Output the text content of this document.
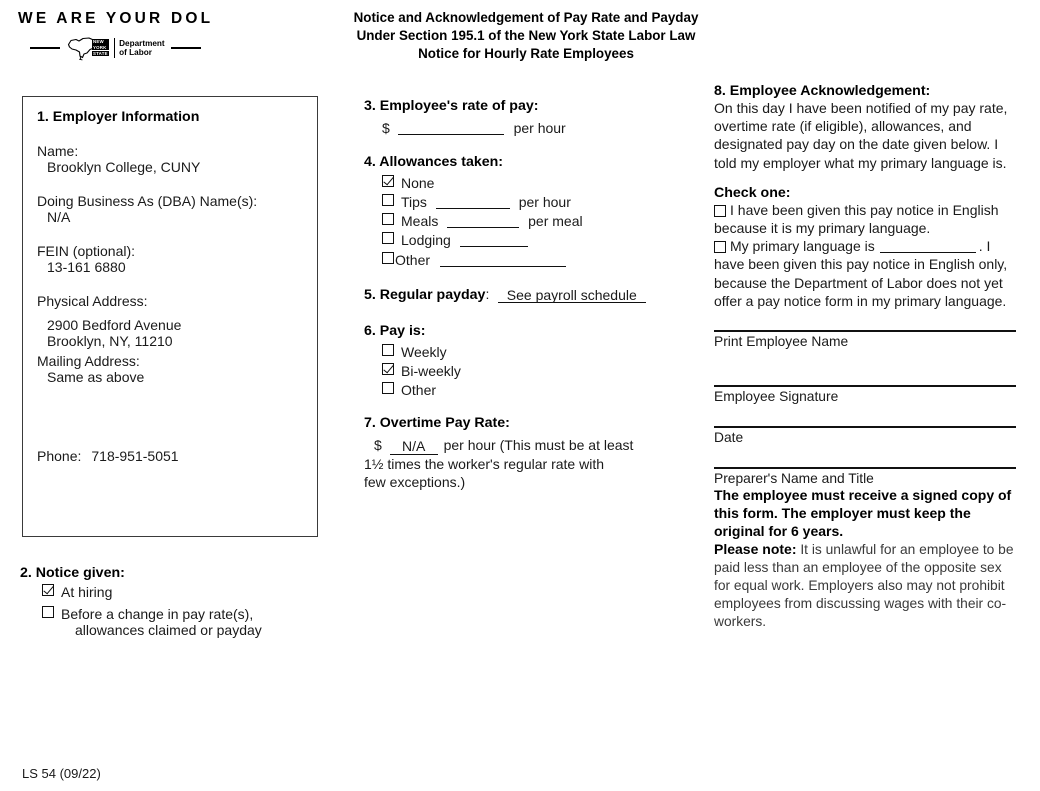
WE ARE YOUR DOL
NEW
YORK
STATE
Department
of Labor
Notice and Acknowledgement of Pay Rate and Payday
Under Section 195.1 of the New York State Labor Law
Notice for Hourly Rate Employees
1. Employer Information
Name:
Brooklyn College, CUNY
Doing Business As (DBA) Name(s):
N/A
FEIN (optional):
13-161 6880
Physical Address:
2900 Bedford Avenue
Brooklyn, NY, 11210
Mailing Address:
Same as above
Phone: 718-951-5051
2. Notice given:
At hiring
Before a change in pay rate(s),
allowances claimed or payday
LS 54 (09/22)
3. Employee's rate of pay:
$	per hour
4. Allowances taken:
None
Tips	per hour
Meals	per meal
Lodging
Other
5. Regular payday: See payroll schedule
6. Pay is:
Weekly
Bi-weekly
Other
7. Overtime Pay Rate:
$ N/A per hour (This must be at least
1½ times the worker's regular rate with
few exceptions.)
8. Employee Acknowledgement:

On this day I have been notified of my pay rate, overtime rate (if eligible), allowances, and designated pay day on the date given below. I told my employer what my primary language is.

Check one:

I have been given this pay notice in English because it is my primary language.

My primary language is	. I have been given this pay notice in English only, because the Department of Labor does not yet offer a pay notice form in my primary language.

Print Employee Name
Employee Signature
Date
Preparer's Name and Title

The employee must receive a signed copy of this form. The employer must keep the original for 6 years.

Please note: It is unlawful for an employee to be paid less than an employee of the opposite sex for equal work. Employers also may not prohibit employees from discussing wages with their co-workers.
